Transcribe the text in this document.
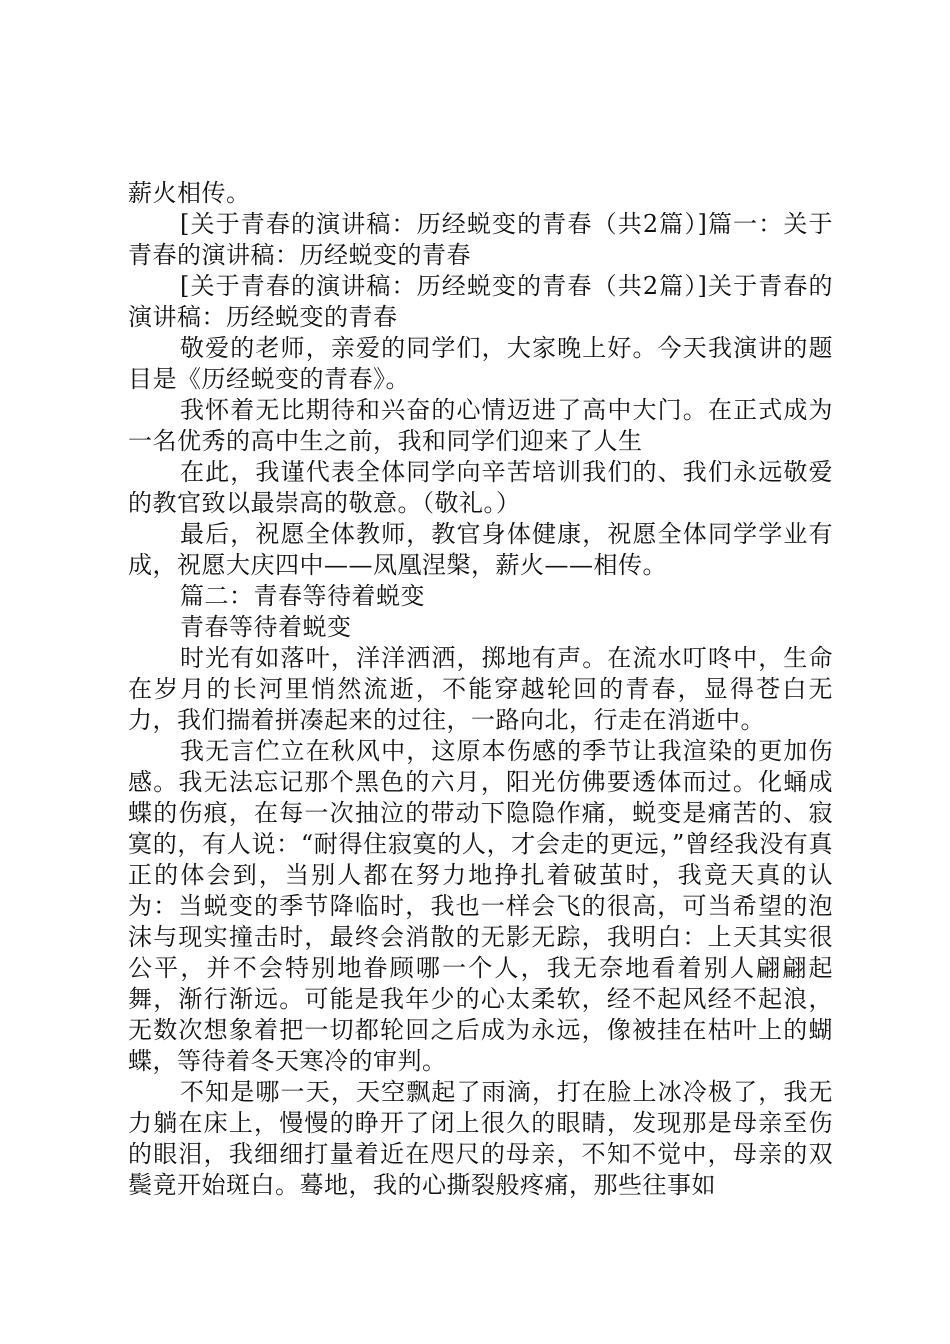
薪火相传。

[关于青春的演讲稿：历经蜕变的青春（共2篇）]篇一：关于青春的演讲稿：历经蜕变的青春

[关于青春的演讲稿：历经蜕变的青春（共2篇）]关于青春的演讲稿：历经蜕变的青春

敬爱的老师，亲爱的同学们，大家晚上好。今天我演讲的题目是《历经蜕变的青春》。

我怀着无比期待和兴奋的心情迈进了高中大门。在正式成为一名优秀的高中生之前，我和同学们迎来了人生

在此，我谨代表全体同学向辛苦培训我们的、我们永远敬爱的教官致以最崇高的敬意。（敬礼。）

最后，祝愿全体教师，教官身体健康，祝愿全体同学学业有成，祝愿大庆四中——凤凰涅槃，薪火——相传。

篇二：青春等待着蜕变

青春等待着蜕变

时光有如落叶，洋洋洒洒，掷地有声。在流水叮咚中，生命在岁月的长河里悄然流逝，不能穿越轮回的青春，显得苍白无力，我们揣着拼凑起来的过往，一路向北，行走在消逝中。

我无言伫立在秋风中，这原本伤感的季节让我渲染的更加伤感。我无法忘记那个黑色的六月，阳光仿佛要透体而过。化蛹成蝶的伤痕，在每一次抽泣的带动下隐隐作痛，蜕变是痛苦的、寂寞的，有人说：“耐得住寂寞的人，才会走的更远，”曾经我没有真正的体会到，当别人都在努力地挣扎着破茧时，我竟天真的认为：当蜕变的季节降临时，我也一样会飞的很高，可当希望的泡沫与现实撞击时，最终会消散的无影无踪，我明白：上天其实很公平，并不会特别地眷顾哪一个人，我无奈地看着别人翩翩起舞，渐行渐远。可能是我年少的心太柔软，经不起风经不起浪，无数次想象着把一切都轮回之后成为永远，像被挂在枯叶上的蝴蝶，等待着冬天寒冷的审判。

不知是哪一天，天空飘起了雨滴，打在脸上冰冷极了，我无力躺在床上，慢慢的睁开了闭上很久的眼睛，发现那是母亲至伤的眼泪，我细细打量着近在咫尺的母亲，不知不觉中，母亲的双鬓竟开始斑白。蓦地，我的心撕裂般疼痛，那些往事如
